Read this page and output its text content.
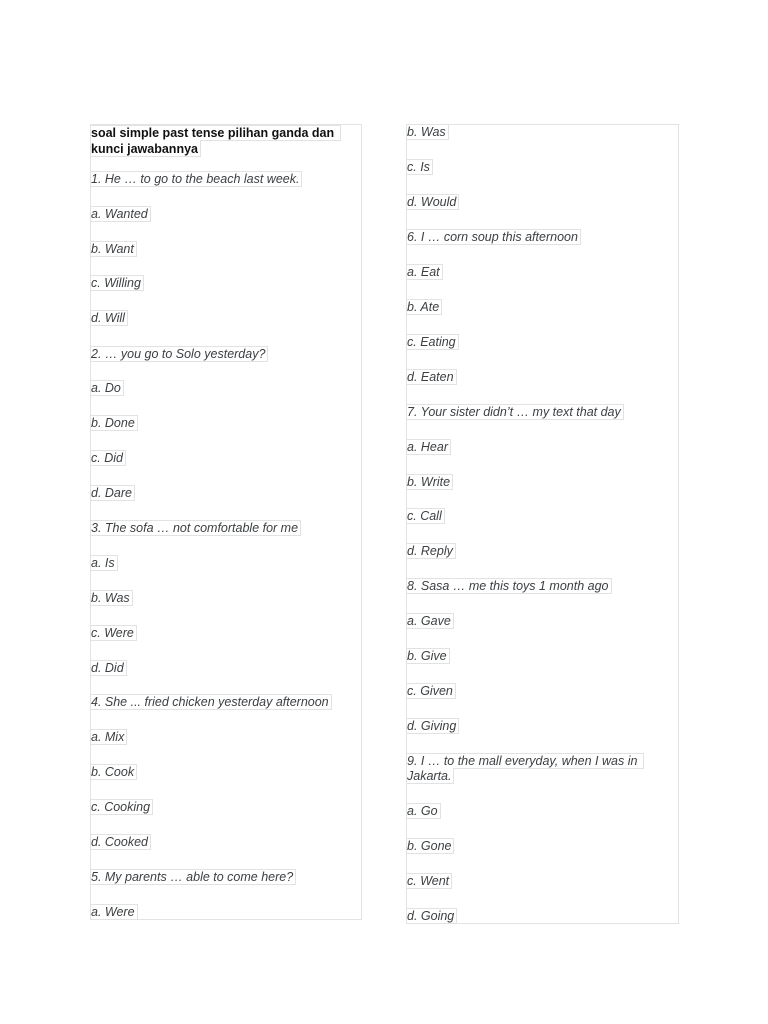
soal simple past tense pilihan ganda dan kunci jawabannya
1. He … to go to the beach last week.
a. Wanted
b. Want
c. Willing
d. Will
2. … you go to Solo yesterday?
a. Do
b. Done
c. Did
d. Dare
3. The sofa … not comfortable for me
a. Is
b. Was
c. Were
d. Did
4. She ... fried chicken yesterday afternoon
a. Mix
b. Cook
c. Cooking
d. Cooked
5. My parents … able to come here?
a. Were
b. Was
c. Is
d. Would
6. I … corn soup this afternoon
a. Eat
b. Ate
c. Eating
d. Eaten
7. Your sister didn’t … my text that day
a. Hear
b. Write
c. Call
d. Reply
8. Sasa … me this toys 1 month ago
a. Gave
b. Give
c. Given
d. Giving
9. I … to the mall everyday, when I was in Jakarta.
a. Go
b. Gone
c. Went
d. Going
